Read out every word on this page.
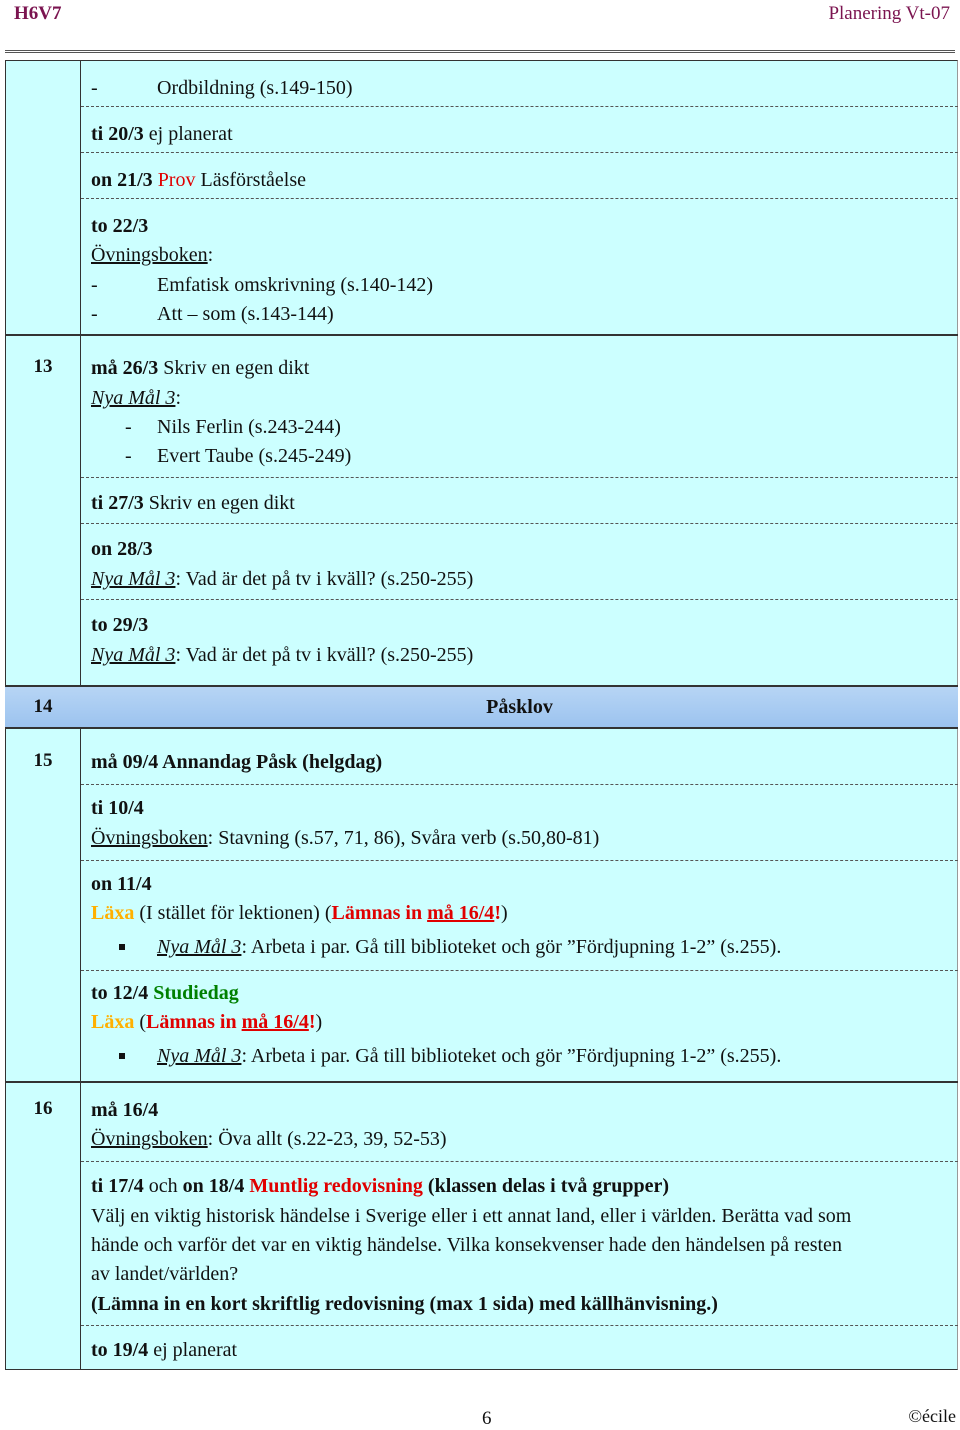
H6V7	Planering Vt-07
-	Ordbildning (s.149-150)
ti 20/3 ej planerat
on 21/3 Prov Läsförståelse
to 22/3
Övningsboken:
-	Emfatisk omskrivning (s.140-142)
-	Att – som (s.143-144)
13	må 26/3 Skriv en egen dikt
Nya Mål 3:
- Nils Ferlin (s.243-244)
- Evert Taube (s.245-249)
ti 27/3 Skriv en egen dikt
on 28/3
Nya Mål 3: Vad är det på tv i kväll? (s.250-255)
to 29/3
Nya Mål 3: Vad är det på tv i kväll? (s.250-255)
14	Påsklov
15	må 09/4 Annandag Påsk (helgdag)
ti 10/4
Övningsboken: Stavning (s.57, 71, 86), Svåra verb (s.50,80-81)
on 11/4
Läxa (I stället för lektionen) (Lämnas in må 16/4!)
Nya Mål 3: Arbeta i par. Gå till biblioteket och gör ”Fördjupning 1-2” (s.255).
to 12/4 Studiedag
Läxa (Lämnas in må 16/4!)
Nya Mål 3: Arbeta i par. Gå till biblioteket och gör ”Fördjupning 1-2” (s.255).
16	må 16/4
Övningsboken: Öva allt (s.22-23, 39, 52-53)
ti 17/4 och on 18/4 Muntlig redovisning (klassen delas i två grupper)
Välj en viktig historisk händelse i Sverige eller i ett annat land, eller i världen. Berätta vad som
hände och varför det var en viktig händelse. Vilka konsekvenser hade den händelsen på resten
av landet/världen?
(Lämna in en kort skriftlig redovisning (max 1 sida) med källhänvisning.)
to 19/4 ej planerat
6	©écile
